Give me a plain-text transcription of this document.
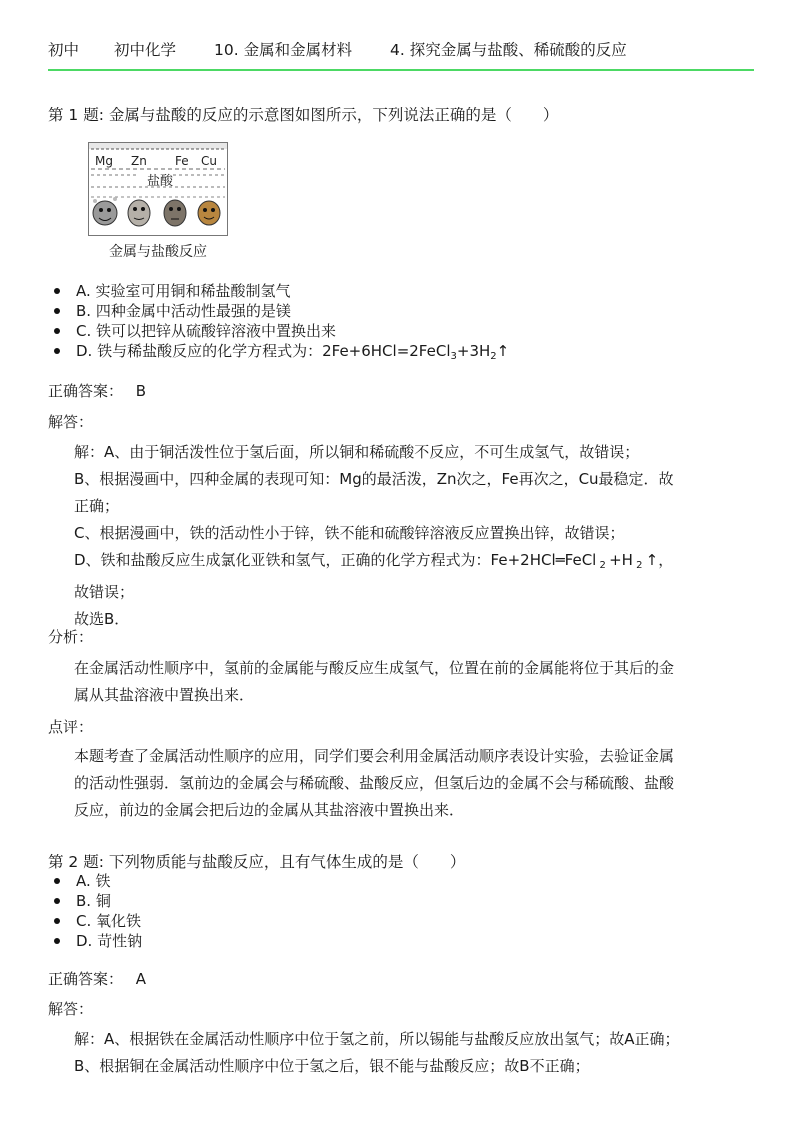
初中 初中化学 10. 金属和金属材料 4. 探究金属与盐酸、稀硫酸的反应
第 1 题: 金属与盐酸的反应的示意图如图所示，下列说法正确的是（　　）
Mg Zn Fe Cu
盐酸
金属与盐酸反应
A. 实验室可用铜和稀盐酸制氢气
B. 四种金属中活动性最强的是镁
C. 铁可以把锌从硫酸锌溶液中置换出来
D. 铁与稀盐酸反应的化学方程式为：$2Fe+6HCl=2FeCl_3+3H_2↑$
正确答案： B
解答：

解：A、由于铜活泼性位于氢后面，所以铜和稀硫酸不反应，不可生成氢气，故错误；

B、根据漫画中，四种金属的表现可知：Mg的最活泼，Zn次之，Fe再次之，Cu最稳定．故

正确；

C、根据漫画中，铁的活动性小于锌，铁不能和硫酸锌溶液反应置换出锌，故错误；

D、铁和盐酸反应生成氯化亚铁和氢气，正确的化学方程式为：Fe+2HCl═FeCl $_2$ +H $_2$ ↑，

故错误；

故选B．

分析：

在金属活动性顺序中，氢前的金属能与酸反应生成氢气，位置在前的金属能将位于其后的金

属从其盐溶液中置换出来．

点评：

本题考查了金属活动性顺序的应用，同学们要会利用金属活动顺序表设计实验，去验证金属

的活动性强弱．氢前边的金属会与稀硫酸、盐酸反应，但氢后边的金属不会与稀硫酸、盐酸

反应，前边的金属会把后边的金属从其盐溶液中置换出来．

第 2 题: 下列物质能与盐酸反应，且有气体生成的是（　　）
A. 铁
B. 铜
C. 氧化铁
D. 苛性钠
正确答案： A
解答：

解：A、根据铁在金属活动性顺序中位于氢之前，所以锡能与盐酸反应放出氢气；故A正确；

B、根据铜在金属活动性顺序中位于氢之后，银不能与盐酸反应；故B不正确；
